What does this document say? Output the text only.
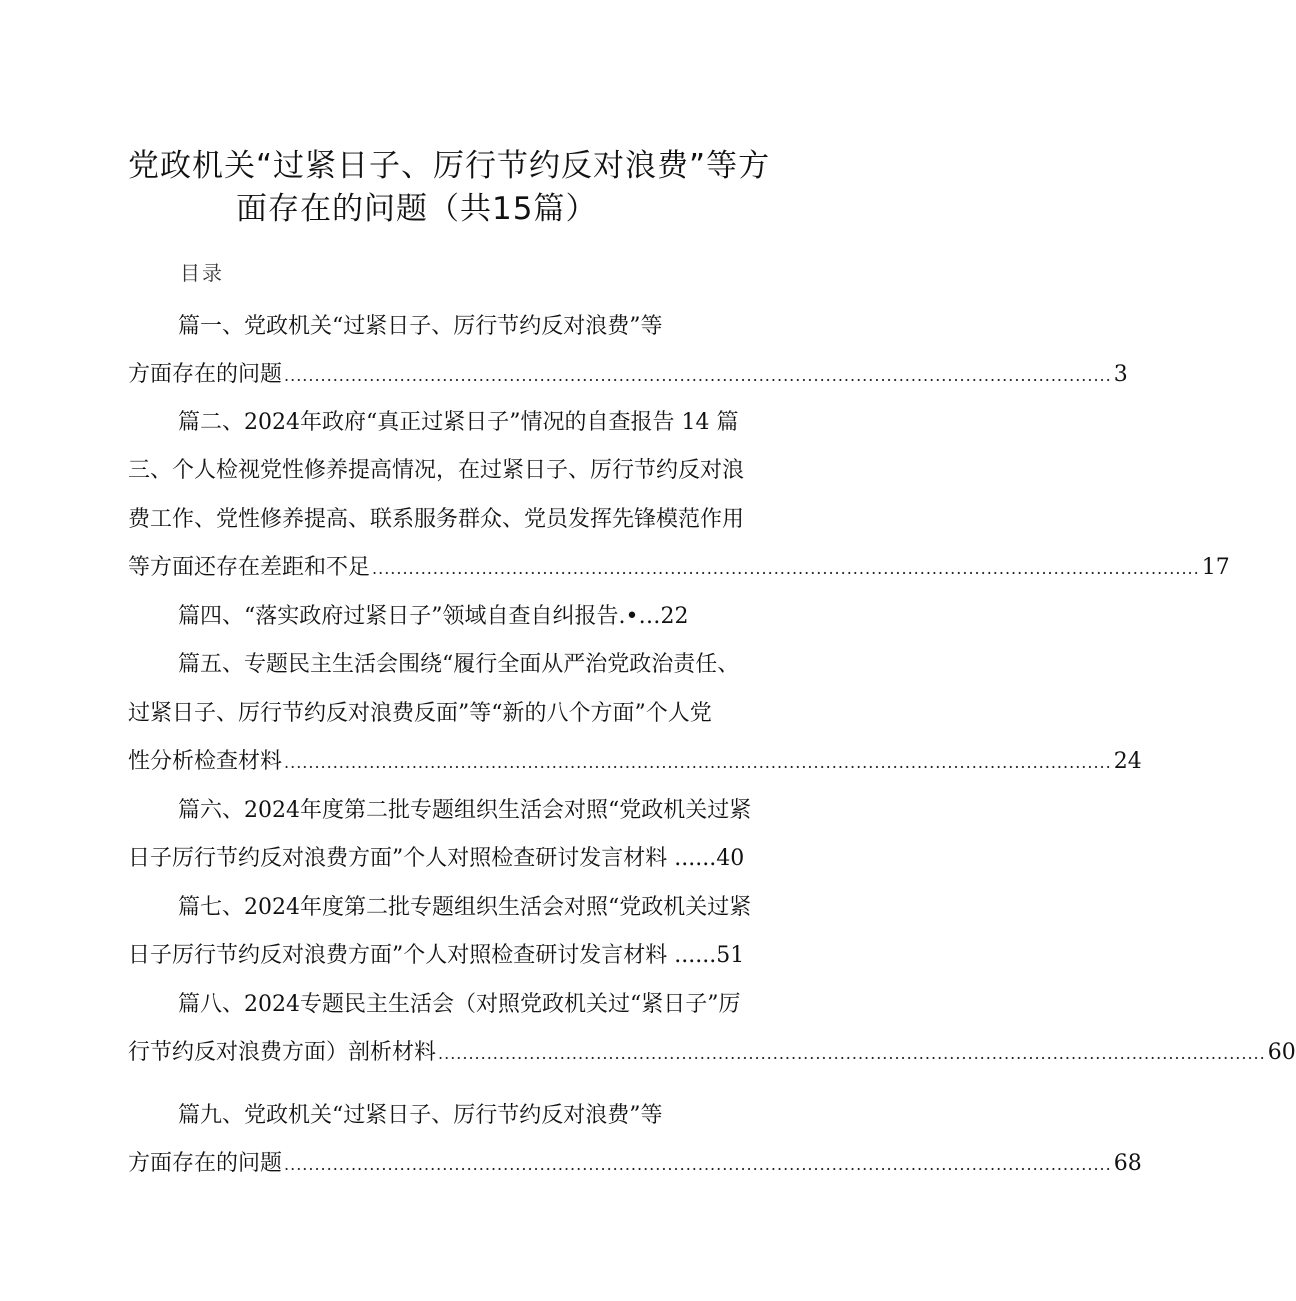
党政机关“过紧日子、厉行节约反对浪费”等方
面存在的问题（共15篇）
目录
篇一、党政机关“过紧日子、厉行节约反对浪费”等
方面存在的问题 ........................................................................................................................................ 3
篇二、2024年政府“真正过紧日子”情况的自查报告 14 篇
三、个人检视党性修养提高情况，在过紧日子、厉行节约反对浪
费工作、党性修养提高、联系服务群众、党员发挥先锋模范作用
等方面还存在差距和不足 ........................................................................................................................................ 17
篇四、“落实政府过紧日子”领域自查自纠报告.•…22
篇五、专题民主生活会围绕“履行全面从严治党政治责任、
过紧日子、厉行节约反对浪费反面”等“新的八个方面”个人党
性分析检查材料 ........................................................................................................................................ 24
篇六、2024年度第二批专题组织生活会对照“党政机关过紧
日子厉行节约反对浪费方面”个人对照检查研讨发言材料 ......40
篇七、2024年度第二批专题组织生活会对照“党政机关过紧
日子厉行节约反对浪费方面”个人对照检查研讨发言材料 ......51
篇八、2024专题民主生活会（对照党政机关过“紧日子”厉
行节约反对浪费方面）剖析材料 ........................................................................................................................................ 60
篇九、党政机关“过紧日子、厉行节约反对浪费”等
方面存在的问题 ........................................................................................................................................ 68
